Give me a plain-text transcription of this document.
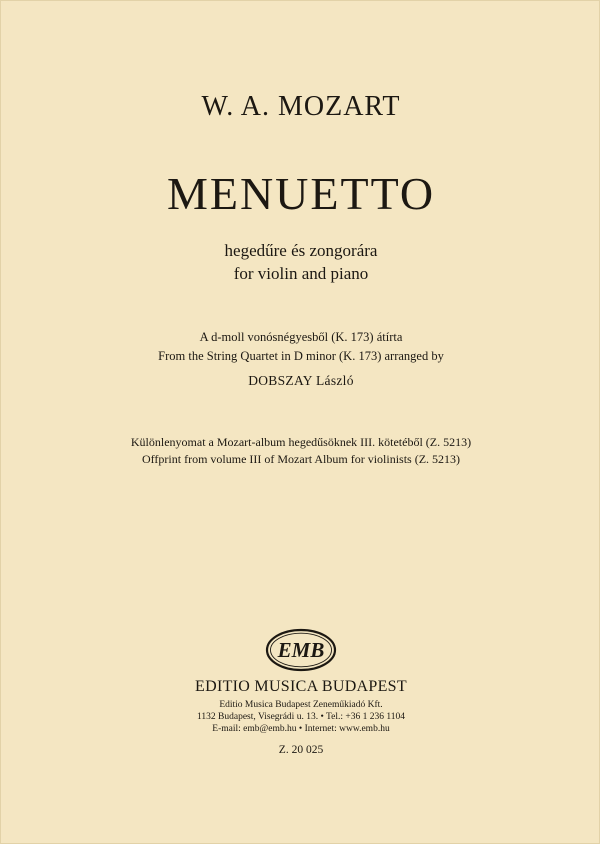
W. A. MOZART
MENUETTO
hegedűre és zongorára
for violin and piano
A d-moll vonósnégyesből (K. 173) átírta
From the String Quartet in D minor (K. 173) arranged by
DOBSZAY László
Különlenyomat a Mozart-album hegedűsöknek III. kötetéből (Z. 5213)
Offprint from volume III of Mozart Album for violinists (Z. 5213)
EMB
EDITIO MUSICA BUDAPEST
Editio Musica Budapest Zeneműkiadó Kft.
1132 Budapest, Visegrádi u. 13. • Tel.: +36 1 236 1104
E-mail: emb@emb.hu • Internet: www.emb.hu
Z. 20 025
